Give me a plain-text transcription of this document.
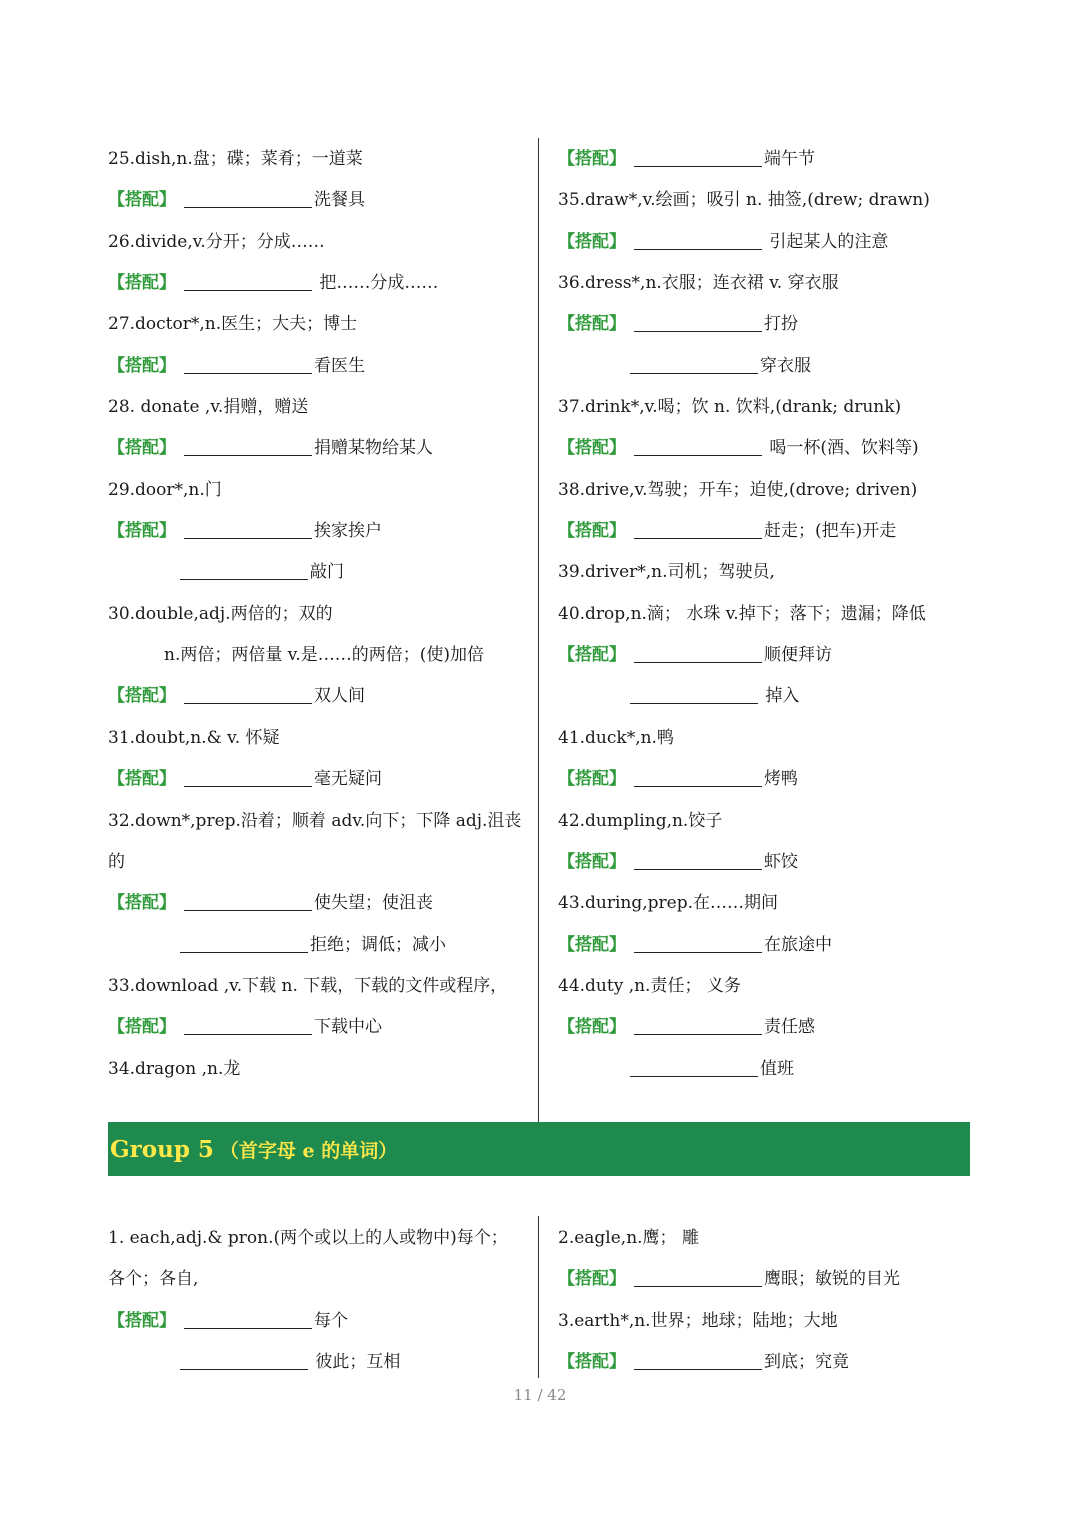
25.dish,n.盘；碟；菜肴；一道菜
【搭配】	洗餐具
26.divide,v.分开；分成……
【搭配】	把……分成……
27.doctor*,n.医生；大夫；博士
【搭配】	看医生
28. donate ,v.捐赠，赠送
【搭配】	捐赠某物给某人
29.door*,n.门
【搭配】	挨家挨户
敲门
30.double,adj.两倍的；双的
n.两倍；两倍量 v.是……的两倍；(使)加倍
【搭配】	双人间
31.doubt,n.& v. 怀疑
【搭配】	毫无疑问
32.down*,prep.沿着；顺着 adv.向下；下降 adj.沮丧
的
【搭配】	使失望；使沮丧
拒绝；调低；减小
33.download ,v.下载 n. 下载，下载的文件或程序，
【搭配】	下载中心
34.dragon ,n.龙
【搭配】	端午节
35.draw*,v.绘画；吸引 n. 抽签,(drew; drawn)
【搭配】	引起某人的注意
36.dress*,n.衣服；连衣裙 v. 穿衣服
【搭配】	打扮
穿衣服
37.drink*,v.喝；饮 n. 饮料,(drank; drunk)
【搭配】	喝一杯(酒、饮料等)
38.drive,v.驾驶；开车；迫使,(drove; driven)
【搭配】	赶走；(把车)开走
39.driver*,n.司机；驾驶员,
40.drop,n.滴； 水珠 v.掉下；落下；遗漏；降低
【搭配】	顺便拜访
掉入
41.duck*,n.鸭
【搭配】	烤鸭
42.dumpling,n.饺子
【搭配】	虾饺
43.during,prep.在……期间
【搭配】	在旅途中
44.duty ,n.责任； 义务
【搭配】	责任感
值班
Group 5 （首字母 e 的单词）
1. each,adj.& pron.(两个或以上的人或物中)每个；
各个；各自,
【搭配】	每个
彼此；互相
2.eagle,n.鹰； 雕
【搭配】	鹰眼；敏锐的目光
3.earth*,n.世界；地球；陆地；大地
【搭配】	到底；究竟
11 / 42
